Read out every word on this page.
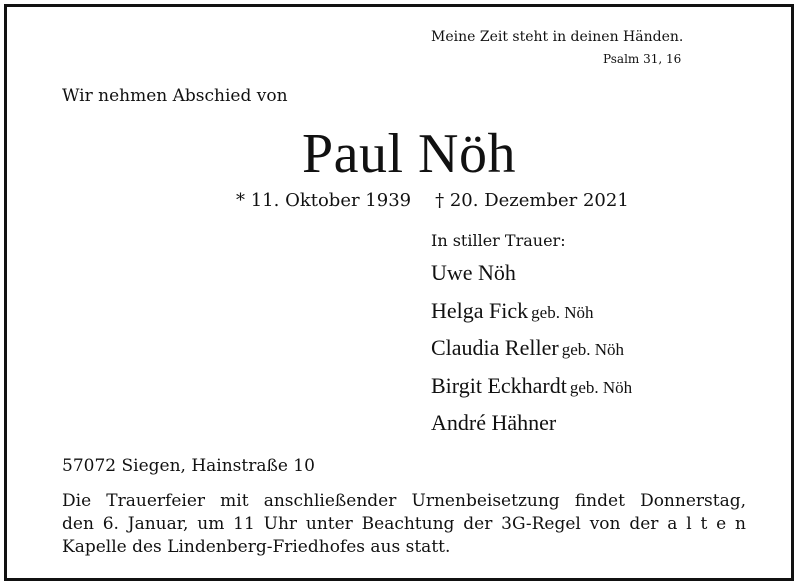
Meine Zeit steht in deinen Händen.
Psalm 31, 16
Wir nehmen Abschied von
Paul Nöh
* 11. Oktober 1939 † 20. Dezember 2021
In stiller Trauer:
Uwe Nöh
Helga Fick geb. Nöh
Claudia Reller geb. Nöh
Birgit Eckhardt geb. Nöh
André Hähner
57072 Siegen, Hainstraße 10
Die Trauerfeier mit anschließender Urnenbeisetzung findet Donnerstag,
den 6. Januar, um 11 Uhr unter Beachtung der 3G-Regel von der a l t e n
Kapelle des Lindenberg-Friedhofes aus statt.
